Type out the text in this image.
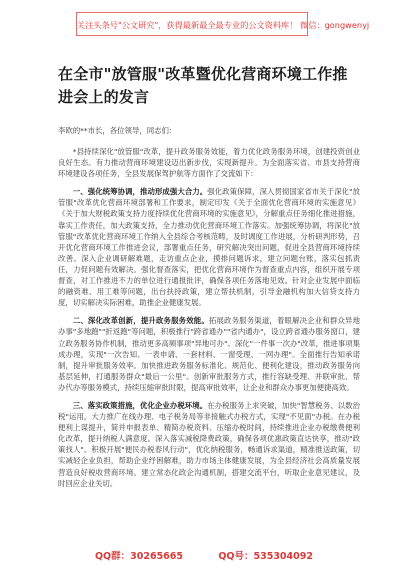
关注头条号"公文研究"，获得最新最全最专业的公文资料库！ 微信：gongwenyj
在全市"放管服"改革暨优化营商环境工作推进会上的发言
李欧的**市长，各位领导，同志们：

*县持续深化"放管服"改革，提升政务服务效能，着力优化政务服务环境，创建投资创业良好生态。有力推动营商环境建设迈出新步伐，实现新提升。为全面落实省、市县支持营商环境建设各项任务，全县发展保驾护航等方面作了交流如下：

一、强化统筹协调，推动形成强大合力。强化政策保障，深入贯彻国家省市关于深化"放管服"改革优化营商环境部署和工作要求，制定印发《关于全面优化营商环境的实施意见》《关于加大财税政策支持力度持续优化营商环境的实施意见》，分解重点任务细化推进措施，靠实工作责任，加大政策支持，全力推动优化营商环境工作落实。加强统筹协调，将深化"放管服"改革优化营商环境工作纳入全县综合考核范畴，及时调度工作进展，分析研判形势，召开优化营商环境工作推进会议，部署重点任务，研究解决突出问题，促进全县营商环境持续改善。深入企业调研解难题，走访重点企业，摸排问题诉求，建立问题台账，落实包抓责任，力促问题有效解决。强化督查落实，把优化营商环境作为督查重点内容，组织开展专项督查，对工作推进不力的单位进行通报批评，确保各项任务落地见效。针对企业发展中面临的融资难、用工难等问题，出台扶持政策，建立帮扶机制，引导金融机构加大信贷支持力度，切实解决实际困难，助推企业健康发展。

二、深化改革创新，提升政务服务效能。拓展政务服务渠道，着眼解决企业和群众异地办事"多地跑""折返跑"等问题，积极推行"跨省通办""省内通办"，设立跨省通办服务窗口，建立政务服务协作机制，推动更多高频事项"异地可办"。深化"一件事一次办"改革，推进事项集成办理，实现"一次告知、一表申请、一套材料、一窗受理、一网办理"。全面推行告知承诺制，提升审批服务效率。加快推进政务服务标准化、规范化、便利化建设，推动政务服务向基层延伸，打通服务群众"最后一公里"。创新审批服务方式，推行容缺受理、并联审批、帮办代办等服务模式，持续压缩审批时限，提高审批效率，让企业和群众办事更加便捷高效。

三、落实政策措施，优化企业办税环境。在办税服务上求突破，加快"智慧税务、以数治税"运用，大力推广在线办理、电子税务局等非接触式办税方式，实现"不见面"办税。在办税便利上谋提升，简并申报表单、精简办税资料、压缩办税时间，持续推进企业办税缴费便利化改革，提升纳税人满意度。深入落实减税降费政策，确保各项优惠政策直达快享，推动"政策找人"。积极开展"便民办税春风行动"，优化纳税服务，畅通诉求渠道，精准推送政策，切实减轻企业负担，帮助企业纾困解难，助力市场主体健康发展，为全县经济社会高质量发展营造良好税收营商环境。建立常态化政企沟通机制，搭建交流平台，听取企业意见建议，及时回应企业关切。

QQ群：30265665	QQ号：535304092
